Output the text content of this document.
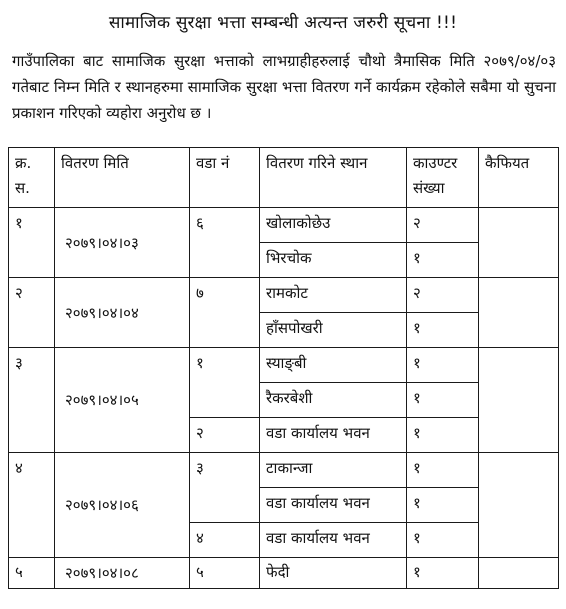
सामाजिक सुरक्षा भत्ता सम्बन्धी अत्यन्त जरुरी सूचना !!!
गाउँपालिका बाट सामाजिक सुरक्षा भत्ताको लाभग्राहीहरुलाई चौथो त्रैमासिक मिति २०७९/०४/०३ गतेबाट निम्न मिति र स्थानहरुमा सामाजिक सुरक्षा भत्ता वितरण गर्ने कार्यक्रम रहेकोले सबैमा यो सुचना प्रकाशन गरिएको व्यहोरा अनुरोध छ ।
क्र. स.	वितरण मिति	वडा नं	वितरण गरिने स्थान	काउण्टर संख्या	कैफियत
१	२०७९।०४।०३	६	खोलाकोछेउ	२	
			भिरचोक	१	
२	२०७९।०४।०४	७	रामकोट	२	
			हाँसपोखरी	१	
३	२०७९।०४।०५	१	स्याङ्बी	१	
			रैकरबेशी	१	
		२	वडा कार्यालय भवन	१	
४	२०७९।०४।०६	३	टाकान्जा	१	
			वडा कार्यालय भवन	१	
		४	वडा कार्यालय भवन	१	
५	२०७९।०४।०८	५	फेदी	१	
